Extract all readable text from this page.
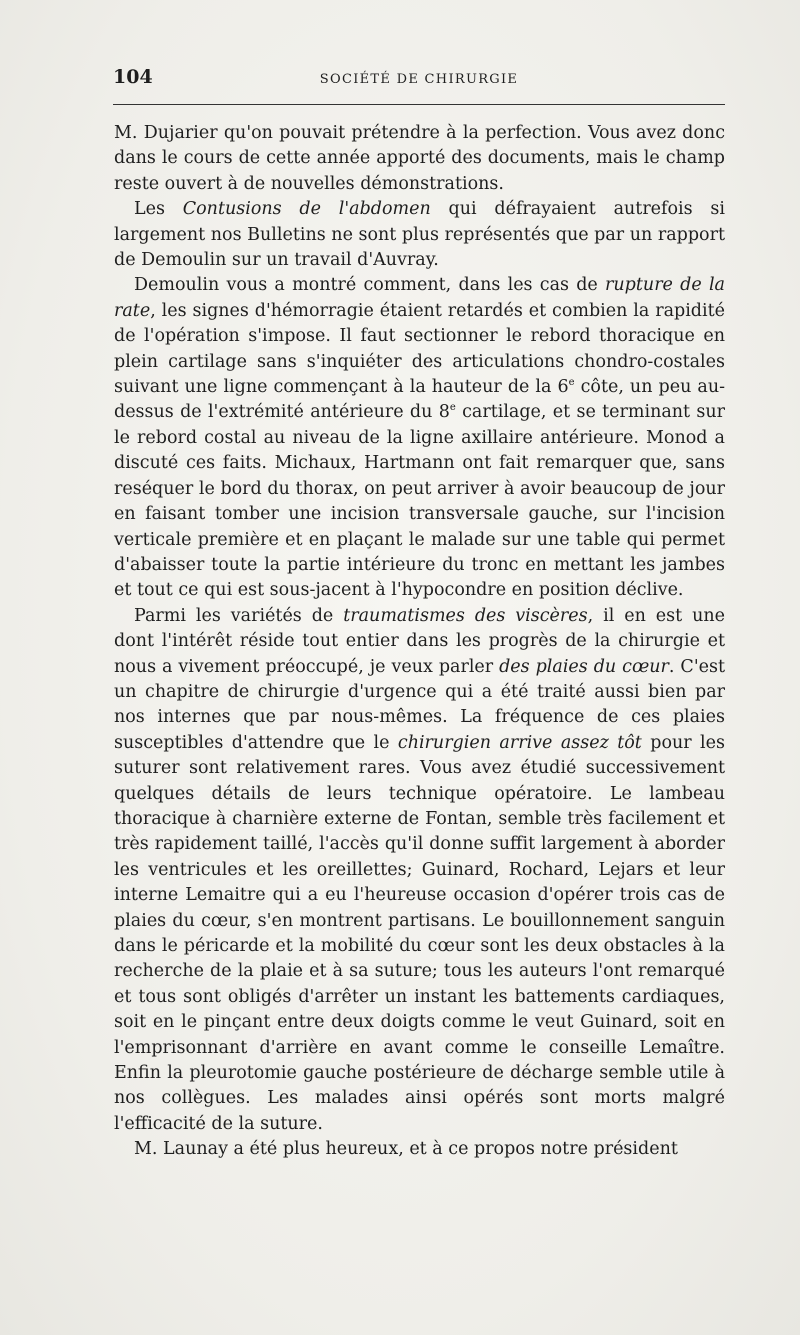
104	SOCIÉTÉ DE CHIRURGIE

M. Dujarier qu'on pouvait prétendre à la perfection. Vous avez donc dans le cours de cette année apporté des documents, mais le champ reste ouvert à de nouvelles démonstrations.

Les Contusions de l'abdomen qui défrayaient autrefois si largement nos Bulletins ne sont plus représentés que par un rapport de Demoulin sur un travail d'Auvray.

Demoulin vous a montré comment, dans les cas de rupture de la rate, les signes d'hémorragie étaient retardés et combien la rapidité de l'opération s'impose. Il faut sectionner le rebord thoracique en plein cartilage sans s'inquiéter des articulations chondro-costales suivant une ligne commençant à la hauteur de la 6e côte, un peu au-dessus de l'extrémité antérieure du 8e cartilage, et se terminant sur le rebord costal au niveau de la ligne axillaire antérieure. Monod a discuté ces faits. Michaux, Hartmann ont fait remarquer que, sans reséquer le bord du thorax, on peut arriver à avoir beaucoup de jour en faisant tomber une incision transversale gauche, sur l'incision verticale première et en plaçant le malade sur une table qui permet d'abaisser toute la partie intérieure du tronc en mettant les jambes et tout ce qui est sous-jacent à l'hypocondre en position déclive.

Parmi les variétés de traumatismes des viscères, il en est une dont l'intérêt réside tout entier dans les progrès de la chirurgie et nous a vivement préoccupé, je veux parler des plaies du cœur. C'est un chapitre de chirurgie d'urgence qui a été traité aussi bien par nos internes que par nous-mêmes. La fréquence de ces plaies susceptibles d'attendre que le chirurgien arrive assez tôt pour les suturer sont relativement rares. Vous avez étudié successivement quelques détails de leurs technique opératoire. Le lambeau thoracique à charnière externe de Fontan, semble très facilement et très rapidement taillé, l'accès qu'il donne suffit largement à aborder les ventricules et les oreillettes; Guinard, Rochard, Lejars et leur interne Lemaitre qui a eu l'heureuse occasion d'opérer trois cas de plaies du cœur, s'en montrent partisans. Le bouillonnement sanguin dans le péricarde et la mobilité du cœur sont les deux obstacles à la recherche de la plaie et à sa suture; tous les auteurs l'ont remarqué et tous sont obligés d'arrêter un instant les battements cardiaques, soit en le pinçant entre deux doigts comme le veut Guinard, soit en l'emprisonnant d'arrière en avant comme le conseille Lemaître. Enfin la pleurotomie gauche postérieure de décharge semble utile à nos collègues. Les malades ainsi opérés sont morts malgré l'efficacité de la suture.

M. Launay a été plus heureux, et à ce propos notre président
